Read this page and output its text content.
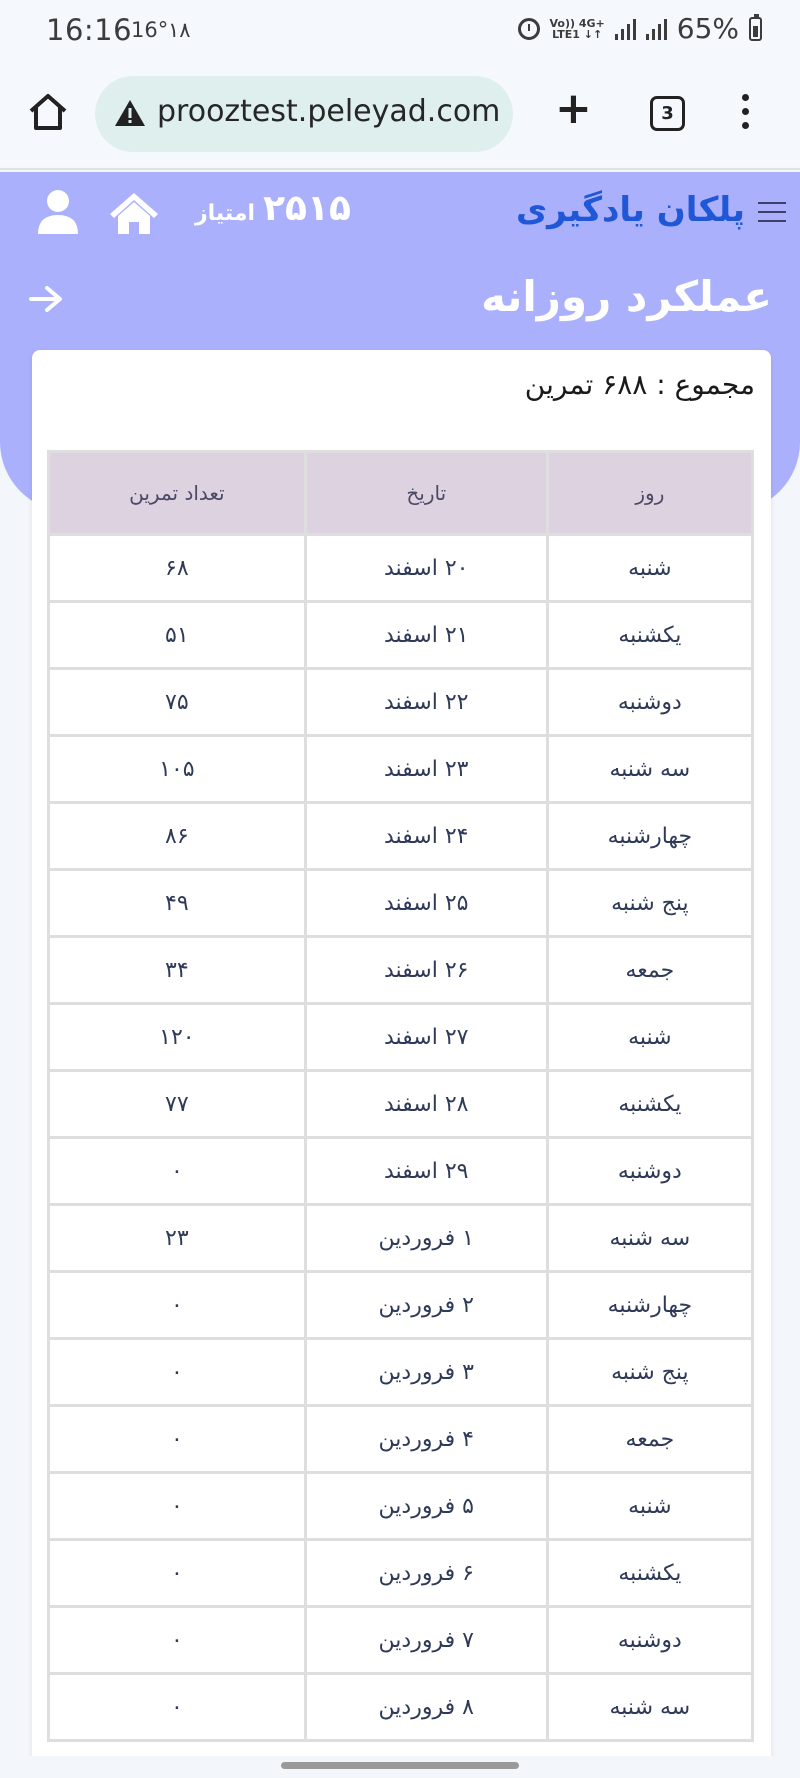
16:16
16° ۱۸	Vo)) 4G+
LTE1 ↓↑	65%
prooztest.peleyad.com +	3
پلکان یادگیری
۲۵۱۵
امتیاز
عملکرد روزانه
مجموع : ۶۸۸ تمرین
روز	تاریخ	تعداد تمرین
شنبه	۲۰ اسفند	۶۸
یکشنبه	۲۱ اسفند	۵۱
دوشنبه	۲۲ اسفند	۷۵
سه شنبه	۲۳ اسفند	۱۰۵
چهارشنبه	۲۴ اسفند	۸۶
پنج شنبه	۲۵ اسفند	۴۹
جمعه	۲۶ اسفند	۳۴
شنبه	۲۷ اسفند	۱۲۰
یکشنبه	۲۸ اسفند	۷۷
دوشنبه	۲۹ اسفند	۰
سه شنبه	۱ فروردین	۲۳
چهارشنبه	۲ فروردین	۰
پنج شنبه	۳ فروردین	۰
جمعه	۴ فروردین	۰
شنبه	۵ فروردین	۰
یکشنبه	۶ فروردین	۰
دوشنبه	۷ فروردین	۰
سه شنبه	۸ فروردین	۰
